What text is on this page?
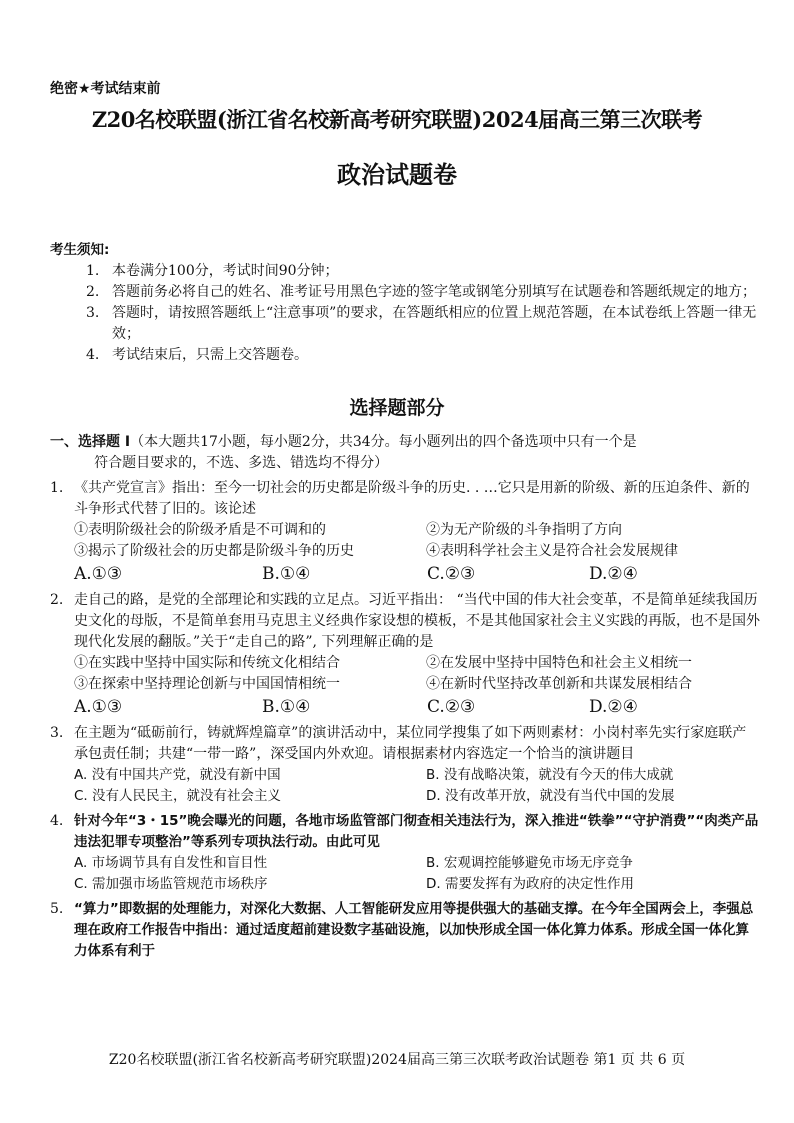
绝密★考试结束前
Z20名校联盟(浙江省名校新高考研究联盟)2024届高三第三次联考
政治试题卷
考生须知:
1. 本卷满分100分，考试时间90分钟；
2. 答题前务必将自己的姓名、准考证号用黑色字迹的签字笔或钢笔分别填写在试题卷和答题纸规定的地方；
3. 答题时，请按照答题纸上“注意事项”的要求，在答题纸相应的位置上规范答题，在本试卷纸上答题一律无效；
4. 考试结束后，只需上交答题卷。
选择题部分
一、选择题 I （本大题共17小题，每小题2分，共34分。每小题列出的四个备选项中只有一个是
符合题目要求的，不选、多选、错选均不得分）
1. 《共产党宣言》指出：至今一切社会的历史都是阶级斗争的历史. . …它只是用新的阶级、新的压迫条件、新的斗争形式代替了旧的。该论述
①表明阶级社会的阶级矛盾是不可调和的	②为无产阶级的斗争指明了方向
③揭示了阶级社会的历史都是阶级斗争的历史	④表明科学社会主义是符合社会发展规律
A.①③	B.①④	C.②③	D.②④
2. 走自己的路，是党的全部理论和实践的立足点。习近平指出： “当代中国的伟大社会变革，不是简单延续我国历史文化的母版，不是简单套用马克思主义经典作家设想的模板，不是其他国家社会主义实践的再版，也不是国外现代化发展的翻版。”关于“走自己的路”, 下列理解正确的是
①在实践中坚持中国实际和传统文化相结合	②在发展中坚持中国特色和社会主义相统一
③在探索中坚持理论创新与中国国情相统一	④在新时代坚持改革创新和共谋发展相结合
A.①③	B.①④	C.②③	D.②④
3. 在主题为“砥砺前行，铸就辉煌篇章”的演讲活动中，某位同学搜集了如下两则素材：小岗村率先实行家庭联产承包责任制；共建“一带一路”，深受国内外欢迎。请根据素材内容选定一个恰当的演讲题目
A. 没有中国共产党，就没有新中国	B. 没有战略决策，就没有今天的伟大成就
C. 没有人民民主，就没有社会主义	D. 没有改革开放，就没有当代中国的发展
4. 针对今年“3・15”晚会曝光的问题，各地市场监管部门彻查相关违法行为，深入推进“铁拳”“守护消费”“肉类产品违法犯罪专项整治”等系列专项执法行动。由此可见
A. 市场调节具有自发性和盲目性	B. 宏观调控能够避免市场无序竞争
C. 需加强市场监管规范市场秩序	D. 需要发挥有为政府的决定性作用
5. “算力”即数据的处理能力，对深化大数据、人工智能研发应用等提供强大的基础支撑。在今年全国两会上，李强总理在政府工作报告中指出：通过适度超前建设数字基础设施，以加快形成全国一体化算力体系。形成全国一体化算力体系有利于
Z20名校联盟(浙江省名校新高考研究联盟)2024届高三第三次联考政治试题卷 第1 页 共 6 页
